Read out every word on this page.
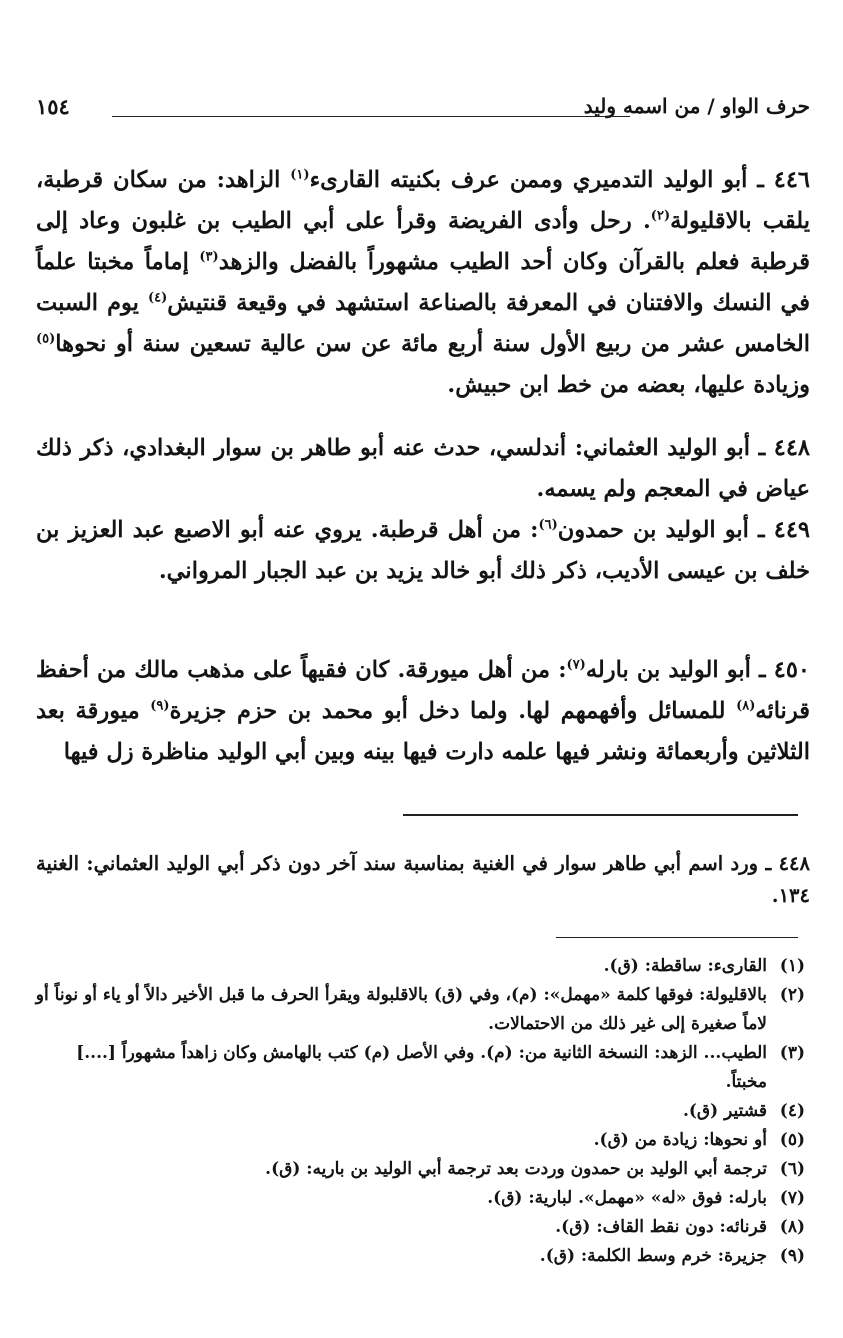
حرف الواو / من اسمه وليد
١٥٤

٤٤٦ ـ أبو الوليد التدميري وممن عرف بكنيته القارىء$^{(١)}$ الزاهد: من سكان قرطبة، يلقب بالاقليولة$^{(٢)}$. رحل وأدى الفريضة وقرأ على أبي الطيب بن غلبون وعاد إلى قرطبة فعلم بالقرآن وكان أحد الطيب مشهوراً بالفضل والزهد$^{(٣)}$ إماماً مخبتا علماً في النسك والافتنان في المعرفة بالصناعة استشهد في وقيعة قنتيش$^{(٤)}$ يوم السبت الخامس عشر من ربيع الأول سنة أربع مائة عن سن عالية تسعين سنة أو نحوها$^{(٥)}$ وزيادة عليها، بعضه من خط ابن حبيش.

٤٤٨ ـ أبو الوليد العثماني: أندلسي، حدث عنه أبو طاهر بن سوار البغدادي، ذكر ذلك عياض في المعجم ولم يسمه.

٤٤٩ ـ أبو الوليد بن حمدون$^{(٦)}$: من أهل قرطبة. يروي عنه أبو الاصبع عبد العزيز بن خلف بن عيسى الأديب، ذكر ذلك أبو خالد يزيد بن عبد الجبار المرواني.

٤٥٠ ـ أبو الوليد بن بارله$^{(٧)}$: من أهل ميورقة. كان فقيهاً على مذهب مالك من أحفظ قرنائه$^{(٨)}$ للمسائل وأفهمهم لها. ولما دخل أبو محمد بن حزم جزيرة$^{(٩)}$ ميورقة بعد الثلاثين وأربعمائة ونشر فيها علمه دارت فيها بينه وبين أبي الوليد مناظرة زل فيها

٤٤٨ ـ ورد اسم أبي طاهر سوار في الغنية بمناسبة سند آخر دون ذكر أبي الوليد العثماني: الغنية ١٣٤.

(١)
القارىء: ساقطة: (ق).
(٢)
بالاقليولة: فوقها كلمة «مهمل»: (م)، وفي (ق) بالاقلبولة ويقرأ الحرف ما قبل الأخير دالاً أو ياء أو نوناً أو لاماً صغيرة إلى غير ذلك من الاحتمالات.
(٣)
الطيب... الزهد: النسخة الثانية من: (م). وفي الأصل (م) كتب بالهامش وكان زاهداً مشهوراً [....] مخبتاً.
(٤)
قشتير (ق).
(٥)
أو نحوها: زيادة من (ق).
(٦)
ترجمة أبي الوليد بن حمدون وردت بعد ترجمة أبي الوليد بن باريه: (ق).
(٧)
بارله: فوق «له» «مهمل». لبارية: (ق).
(٨)
قرنائه: دون نقط القاف: (ق).
(٩)
جزيرة: خرم وسط الكلمة: (ق).
